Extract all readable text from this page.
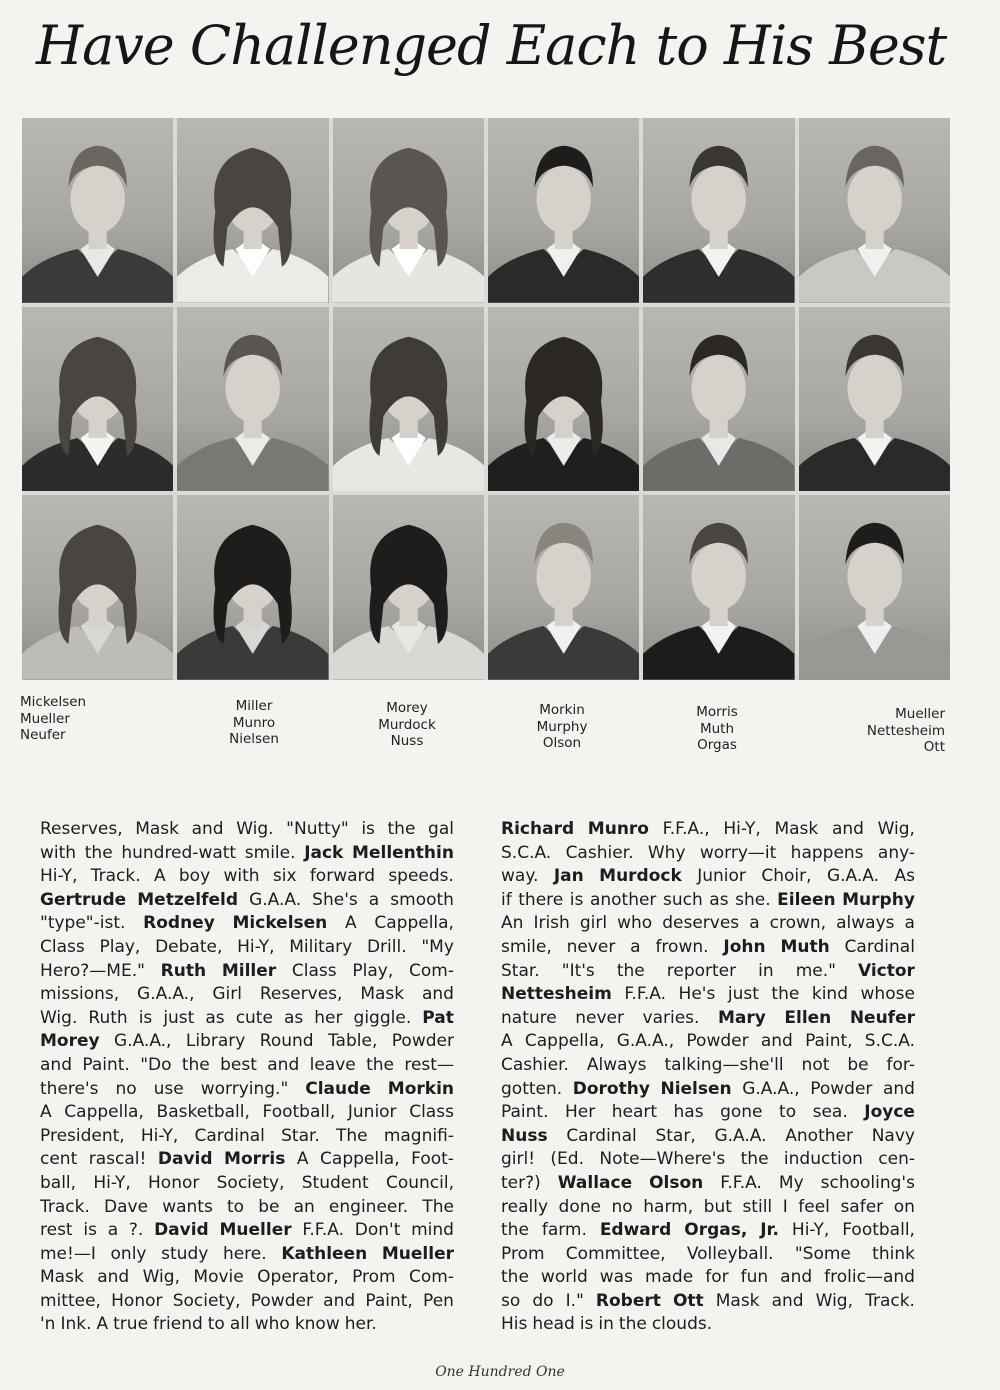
Have Challenged Each to His Best
Mickelsen
Mueller
Neufer
Miller
Munro
Nielsen
Morey
Murdock
Nuss
Morkin
Murphy
Olson
Morris
Muth
Orgas
Mueller
Nettesheim
Ott
Reserves, Mask and Wig. "Nutty" is the gal
with the hundred-watt smile. Jack Mellenthin
Hi-Y, Track. A boy with six forward speeds.
Gertrude Metzelfeld G.A.A. She's a smooth
"type"-ist. Rodney Mickelsen A Cappella,
Class Play, Debate, Hi-Y, Military Drill. "My
Hero?—ME." Ruth Miller Class Play, Com-
missions, G.A.A., Girl Reserves, Mask and
Wig. Ruth is just as cute as her giggle. Pat
Morey G.A.A., Library Round Table, Powder
and Paint. "Do the best and leave the rest—
there's no use worrying." Claude Morkin
A Cappella, Basketball, Football, Junior Class
President, Hi-Y, Cardinal Star. The magnifi-
cent rascal! David Morris A Cappella, Foot-
ball, Hi-Y, Honor Society, Student Council,
Track. Dave wants to be an engineer. The
rest is a ?. David Mueller F.F.A. Don't mind
me!—I only study here. Kathleen Mueller
Mask and Wig, Movie Operator, Prom Com-
mittee, Honor Society, Powder and Paint, Pen
'n Ink. A true friend to all who know her.
Richard Munro F.F.A., Hi-Y, Mask and Wig,
S.C.A. Cashier. Why worry—it happens any-
way. Jan Murdock Junior Choir, G.A.A. As
if there is another such as she. Eileen Murphy
An Irish girl who deserves a crown, always a
smile, never a frown. John Muth Cardinal
Star. "It's the reporter in me." Victor
Nettesheim F.F.A. He's just the kind whose
nature never varies. Mary Ellen Neufer
A Cappella, G.A.A., Powder and Paint, S.C.A.
Cashier. Always talking—she'll not be for-
gotten. Dorothy Nielsen G.A.A., Powder and
Paint. Her heart has gone to sea. Joyce
Nuss Cardinal Star, G.A.A. Another Navy
girl! (Ed. Note—Where's the induction cen-
ter?) Wallace Olson F.F.A. My schooling's
really done no harm, but still I feel safer on
the farm. Edward Orgas, Jr. Hi-Y, Football,
Prom Committee, Volleyball. "Some think
the world was made for fun and frolic—and
so do I." Robert Ott Mask and Wig, Track.
His head is in the clouds.
One Hundred One
